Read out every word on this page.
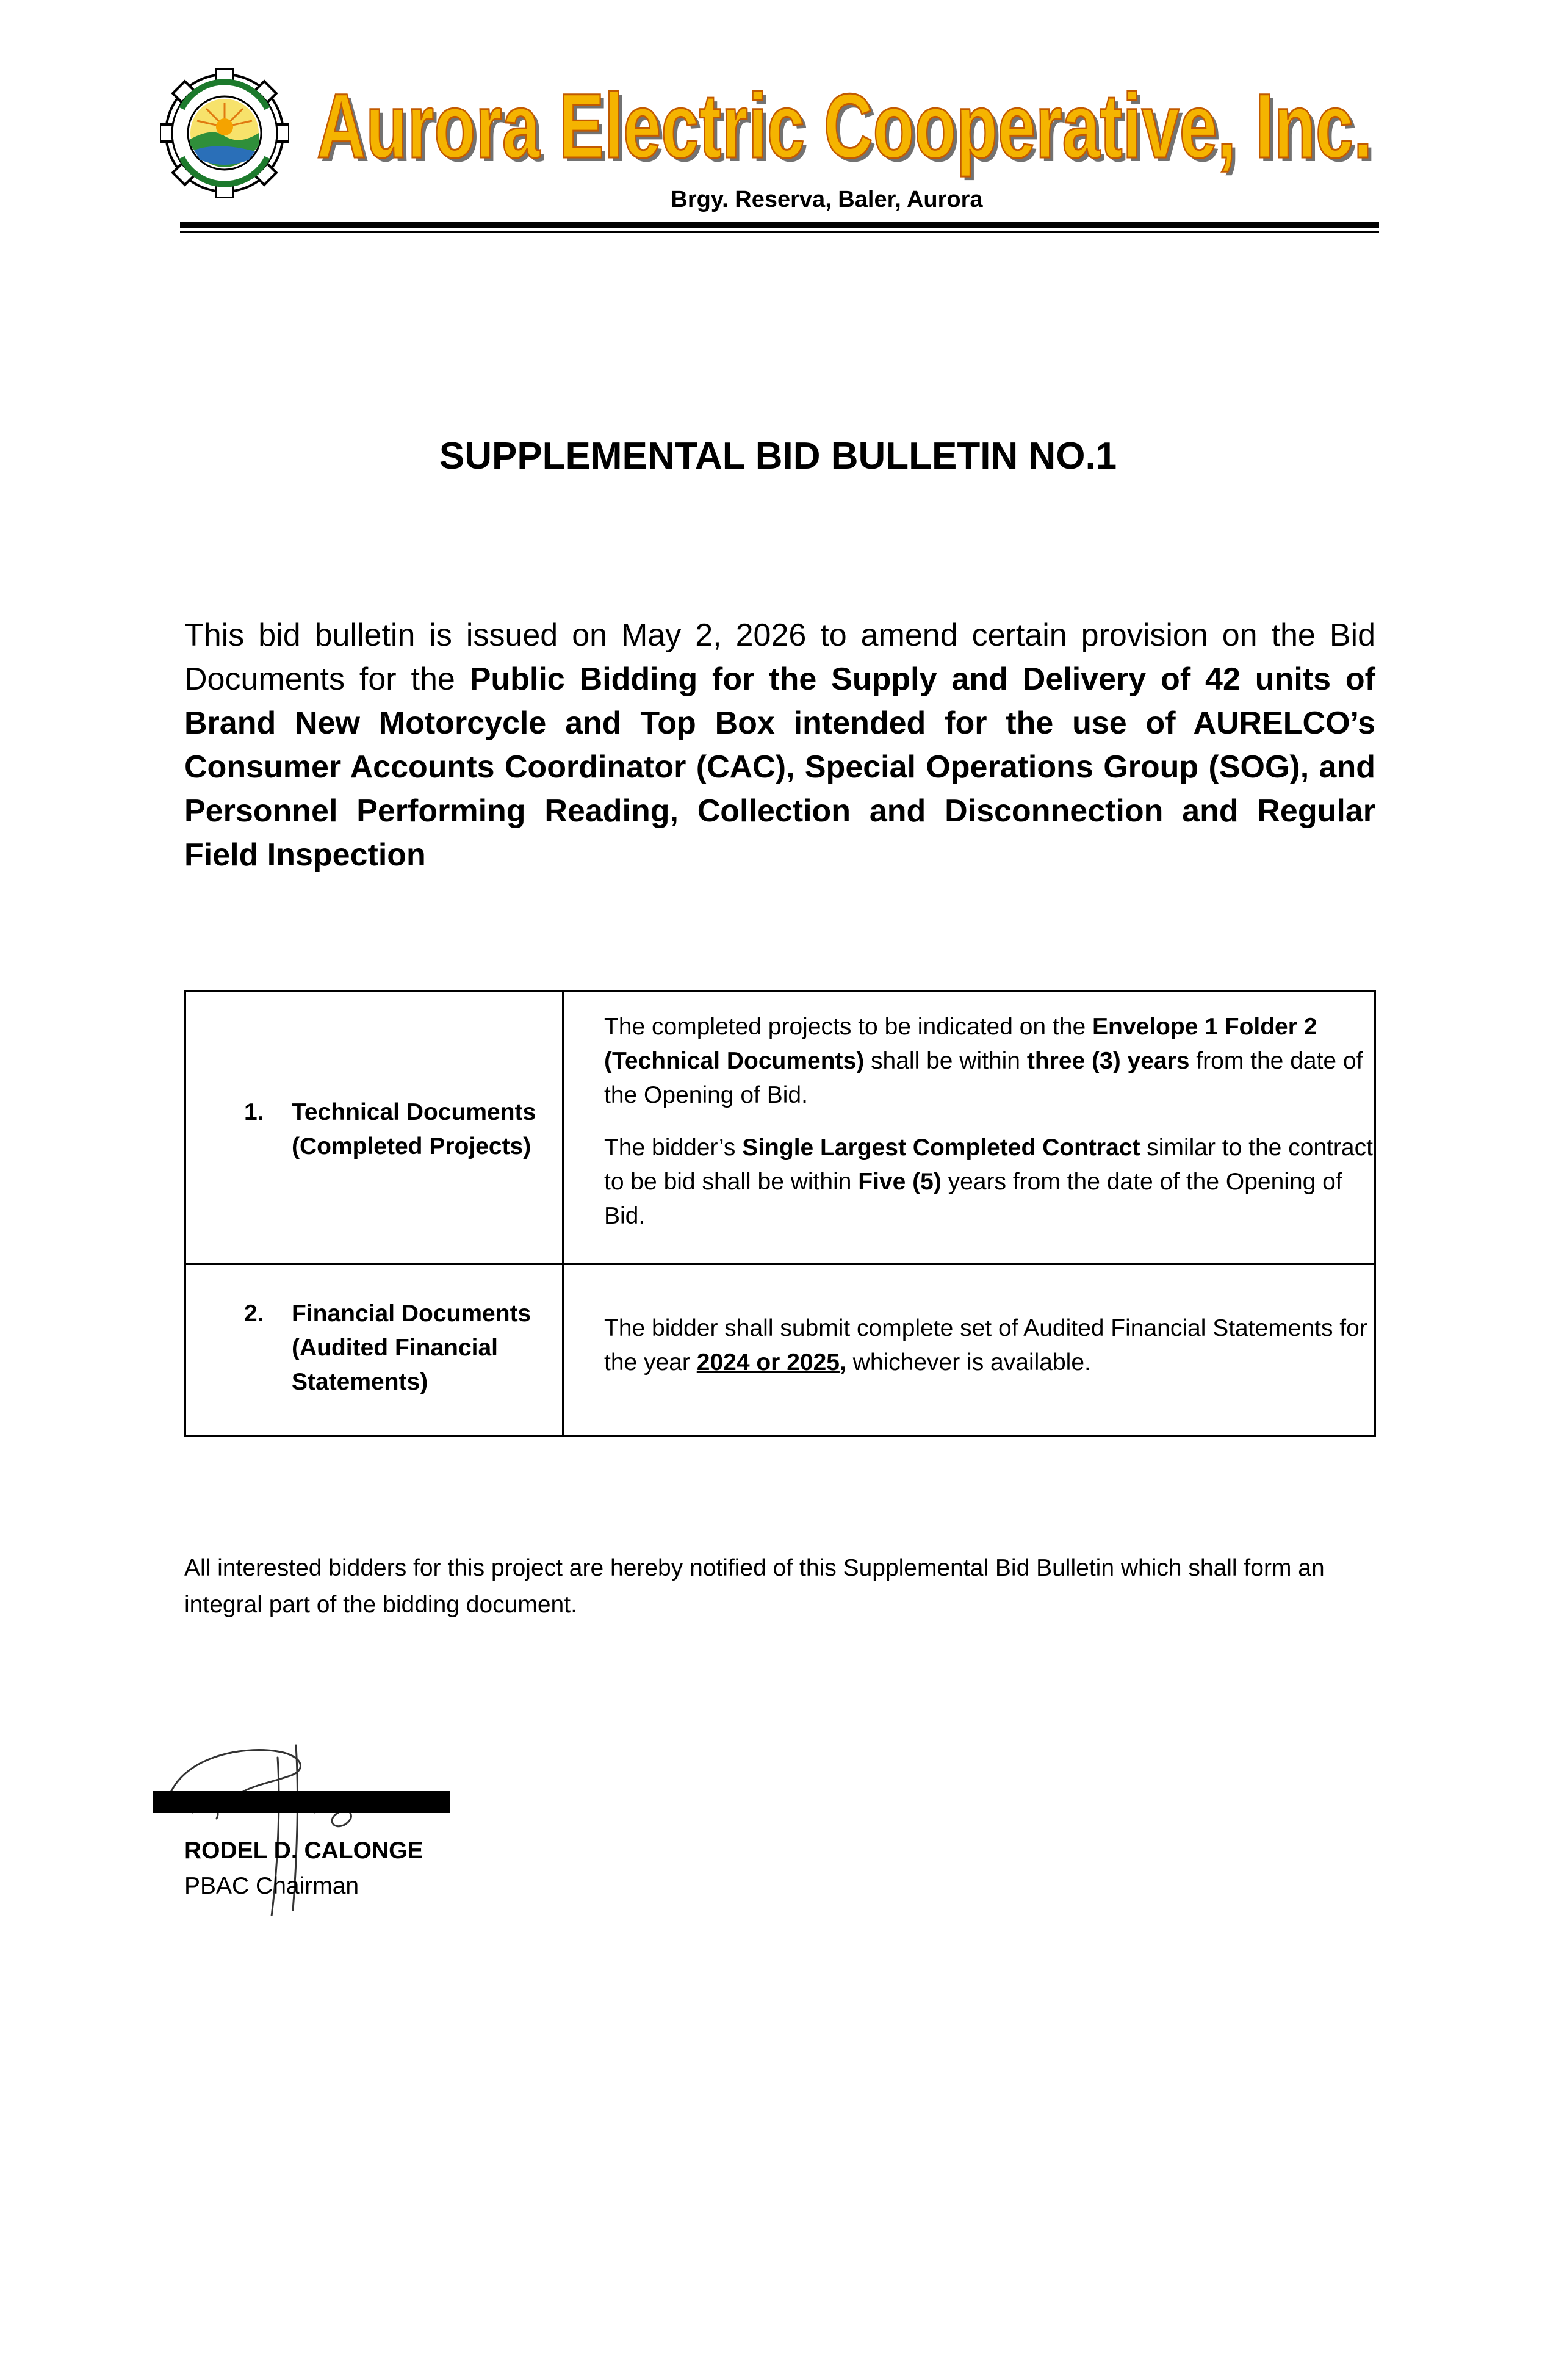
Aurora Electric Cooperative, Inc.
Aurora Electric Cooperative, Inc.
Brgy. Reserva, Baler, Aurora
SUPPLEMENTAL BID BULLETIN NO.1
This bid bulletin is issued on May 2, 2026 to amend certain provision on the Bid Documents for the Public Bidding for the Supply and Delivery of 42 units of Brand New Motorcycle and Top Box intended for the use of AURELCO’s Consumer Accounts Coordinator (CAC), Special Operations Group (SOG), and Personnel Performing Reading, Collection and Disconnection and Regular Field Inspection
1.	Technical Documents (Completed Projects)

The completed projects to be indicated on the Envelope 1 Folder 2 (Technical Documents) shall be within three (3) years from the date of the Opening of Bid.

The bidder’s Single Largest Completed Contract similar to the contract to be bid shall be within Five (5) years from the date of the Opening of Bid.

2.	Financial Documents (Audited Financial Statements)

The bidder shall submit complete set of Audited Financial Statements for the year 2024 or 2025, whichever is available.

All interested bidders for this project are hereby notified of this Supplemental Bid Bulletin which shall form an integral part of the bidding document.
RODEL D. CALONGE
PBAC Chairman
